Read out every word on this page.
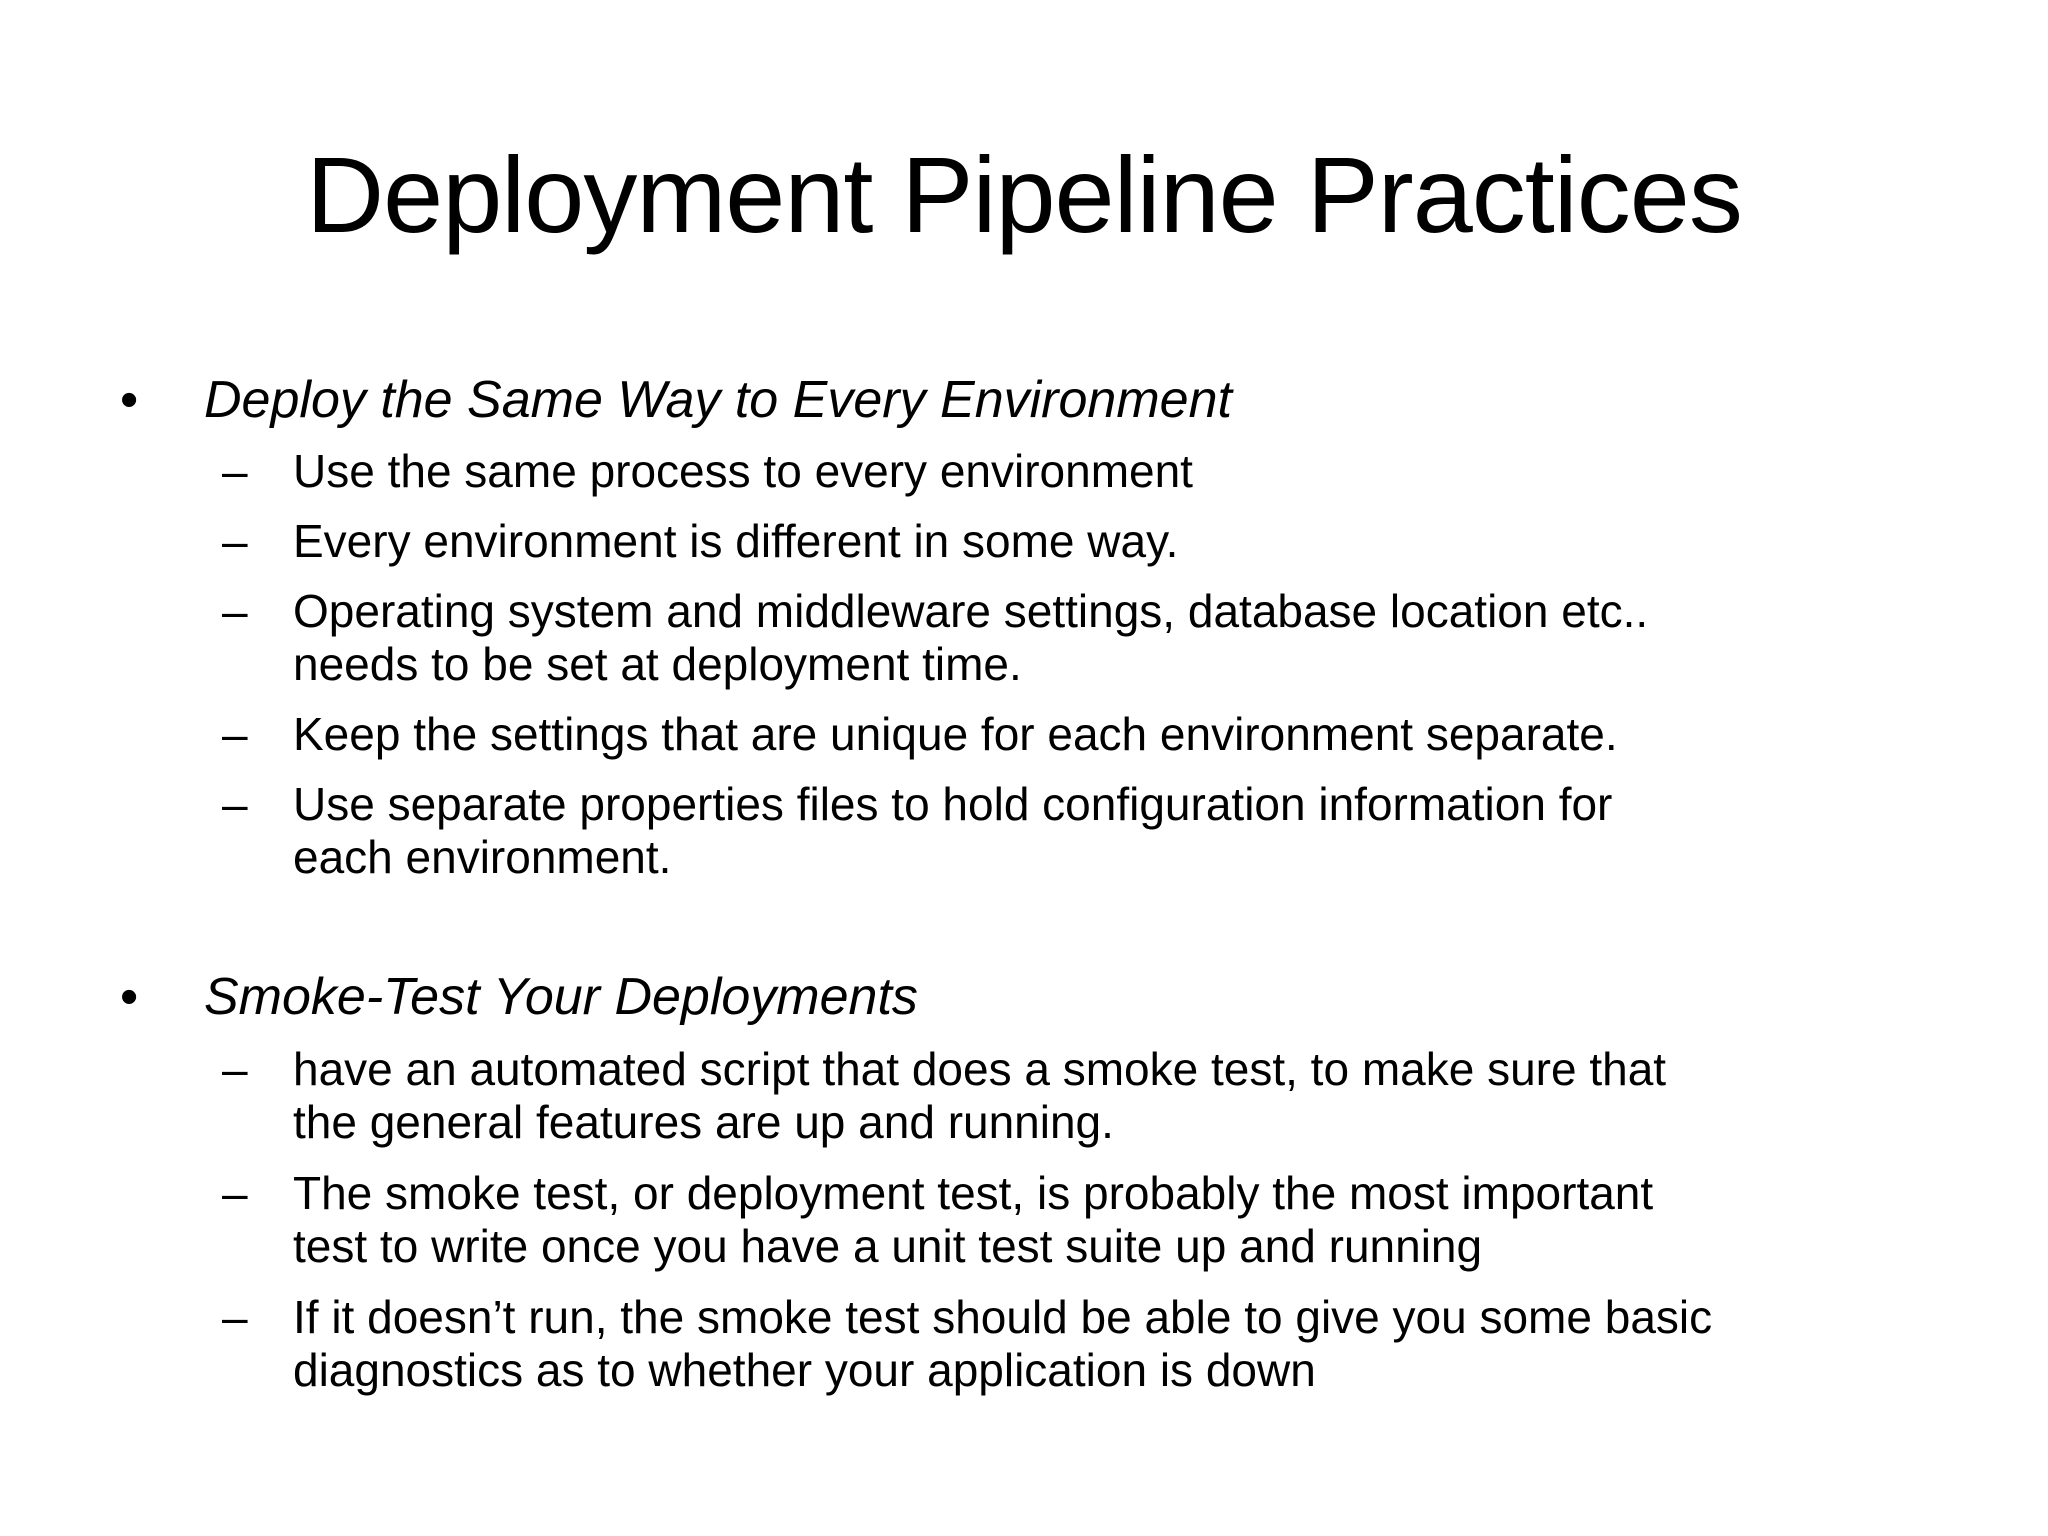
Deployment Pipeline Practices
•	Deploy the Same Way to Every Environment
– Use the same process to every environment
– Every environment is different in some way.
– Operating system and middleware settings, database location etc..
needs to be set at deployment time.
– Keep the settings that are unique for each environment separate.
– Use separate properties files to hold configuration information for
each environment.
•	Smoke-Test Your Deployments
– have an automated script that does a smoke test, to make sure that
the general features are up and running.
– The smoke test, or deployment test, is probably the most important
test to write once you have a unit test suite up and running
– If it doesn’t run, the smoke test should be able to give you some basic
diagnostics as to whether your application is down
